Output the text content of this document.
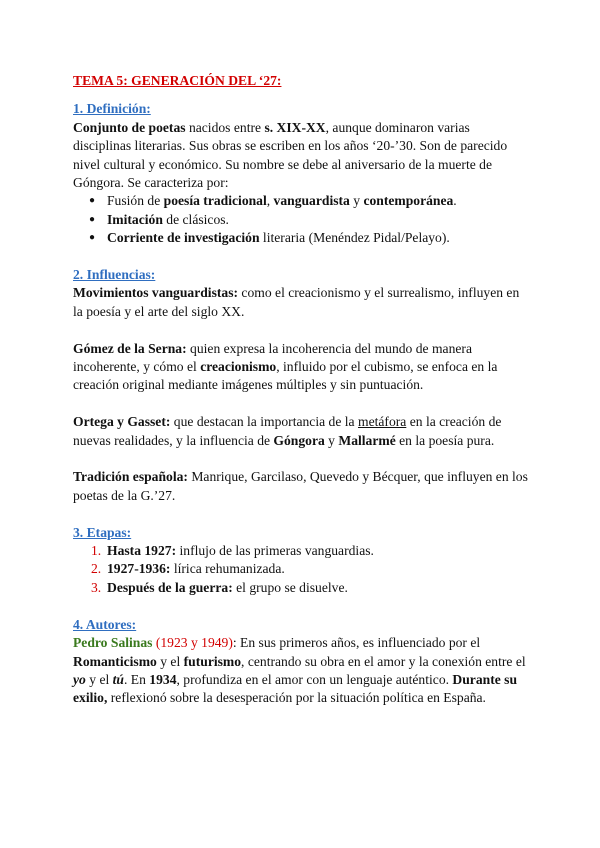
TEMA 5: GENERACIÓN DEL ‘27:

1. Definición:

Conjunto de poetas nacidos entre s. XIX-XX, aunque dominaron varias disciplinas literarias. Sus obras se escriben en los años ‘20-’30. Son de parecido nivel cultural y económico. Su nombre se debe al aniversario de la muerte de Góngora. Se caracteriza por:

● Fusión de poesía tradicional, vanguardista y contemporánea.
● Imitación de clásicos.
● Corriente de investigación literaria (Menéndez Pidal/Pelayo).

2. Influencias:

Movimientos vanguardistas: como el creacionismo y el surrealismo, influyen en la poesía y el arte del siglo XX.

Gómez de la Serna: quien expresa la incoherencia del mundo de manera incoherente, y cómo el creacionismo, influido por el cubismo, se enfoca en la creación original mediante imágenes múltiples y sin puntuación.

Ortega y Gasset: que destacan la importancia de la metáfora en la creación de nuevas realidades, y la influencia de Góngora y Mallarmé en la poesía pura.

Tradición española: Manrique, Garcilaso, Quevedo y Bécquer, que influyen en los poetas de la G.’27.

3. Etapas:

1. Hasta 1927: influjo de las primeras vanguardias.
2. 1927-1936: lírica rehumanizada.
3. Después de la guerra: el grupo se disuelve.

4. Autores:

Pedro Salinas (1923 y 1949): En sus primeros años, es influenciado por el Romanticismo y el futurismo, centrando su obra en el amor y la conexión entre el yo y el tú. En 1934, profundiza en el amor con un lenguaje auténtico. Durante su exilio, reflexionó sobre la desesperación por la situación política en España.
